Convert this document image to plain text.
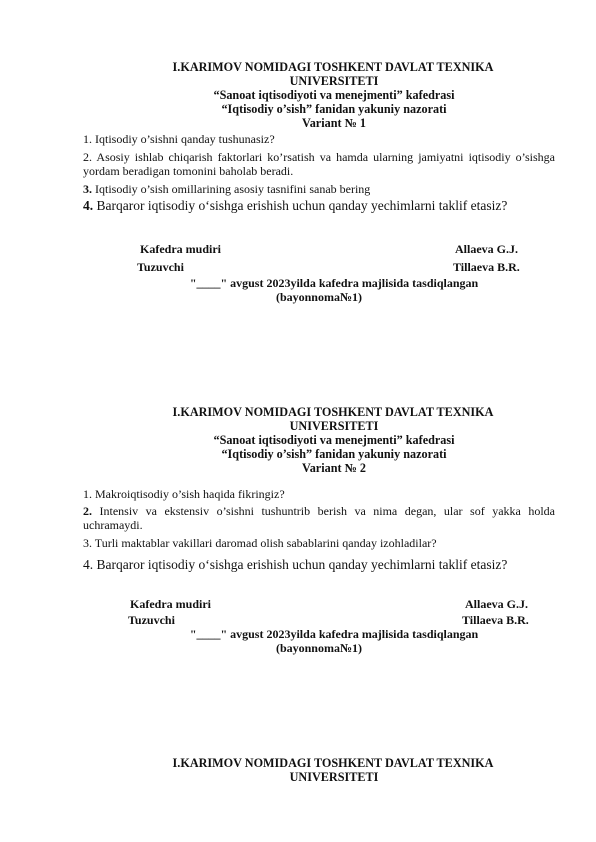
I.KARIMOV NOMIDAGI TOSHKENT DAVLAT TEXNIKA
UNIVERSITETI
“Sanoat iqtisodiyoti va menejmenti” kafedrasi
“Iqtisodiy o’sish” fanidan yakuniy nazorati
Variant № 1
1. Iqtisodiy o’sishni qanday tushunasiz?
2. Asosiy ishlab chiqarish faktorlari ko’rsatish va hamda ularning jamiyatni iqtisodiy o’sishga yordam beradigan tomonini baholab beradi.
3. Iqtisodiy o’sish omillarining asosiy tasnifini sanab bering
4. Barqaror iqtisodiy o‘sishga erishish uchun qanday yechimlarni taklif etasiz?
Kafedra mudiri	Allaeva G.J.
Tuzuvchi	Tillaeva B.R.
"____" avgust 2023yilda kafedra majlisida tasdiqlangan
(bayonnoma№1)
I.KARIMOV NOMIDAGI TOSHKENT DAVLAT TEXNIKA
UNIVERSITETI
“Sanoat iqtisodiyoti va menejmenti” kafedrasi
“Iqtisodiy o’sish” fanidan yakuniy nazorati
Variant № 2
1. Makroiqtisodiy o’sish haqida fikringiz?
2. Intensiv va ekstensiv o’sishni tushuntrib berish va nima degan, ular sof yakka holda uchramaydi.
3. Turli maktablar vakillari daromad olish sabablarini qanday izohladilar?
4. Barqaror iqtisodiy o‘sishga erishish uchun qanday yechimlarni taklif etasiz?
Kafedra mudiri	Allaeva G.J.
Tuzuvchi	Tillaeva B.R.
"____" avgust 2023yilda kafedra majlisida tasdiqlangan
(bayonnoma№1)
I.KARIMOV NOMIDAGI TOSHKENT DAVLAT TEXNIKA
UNIVERSITETI
